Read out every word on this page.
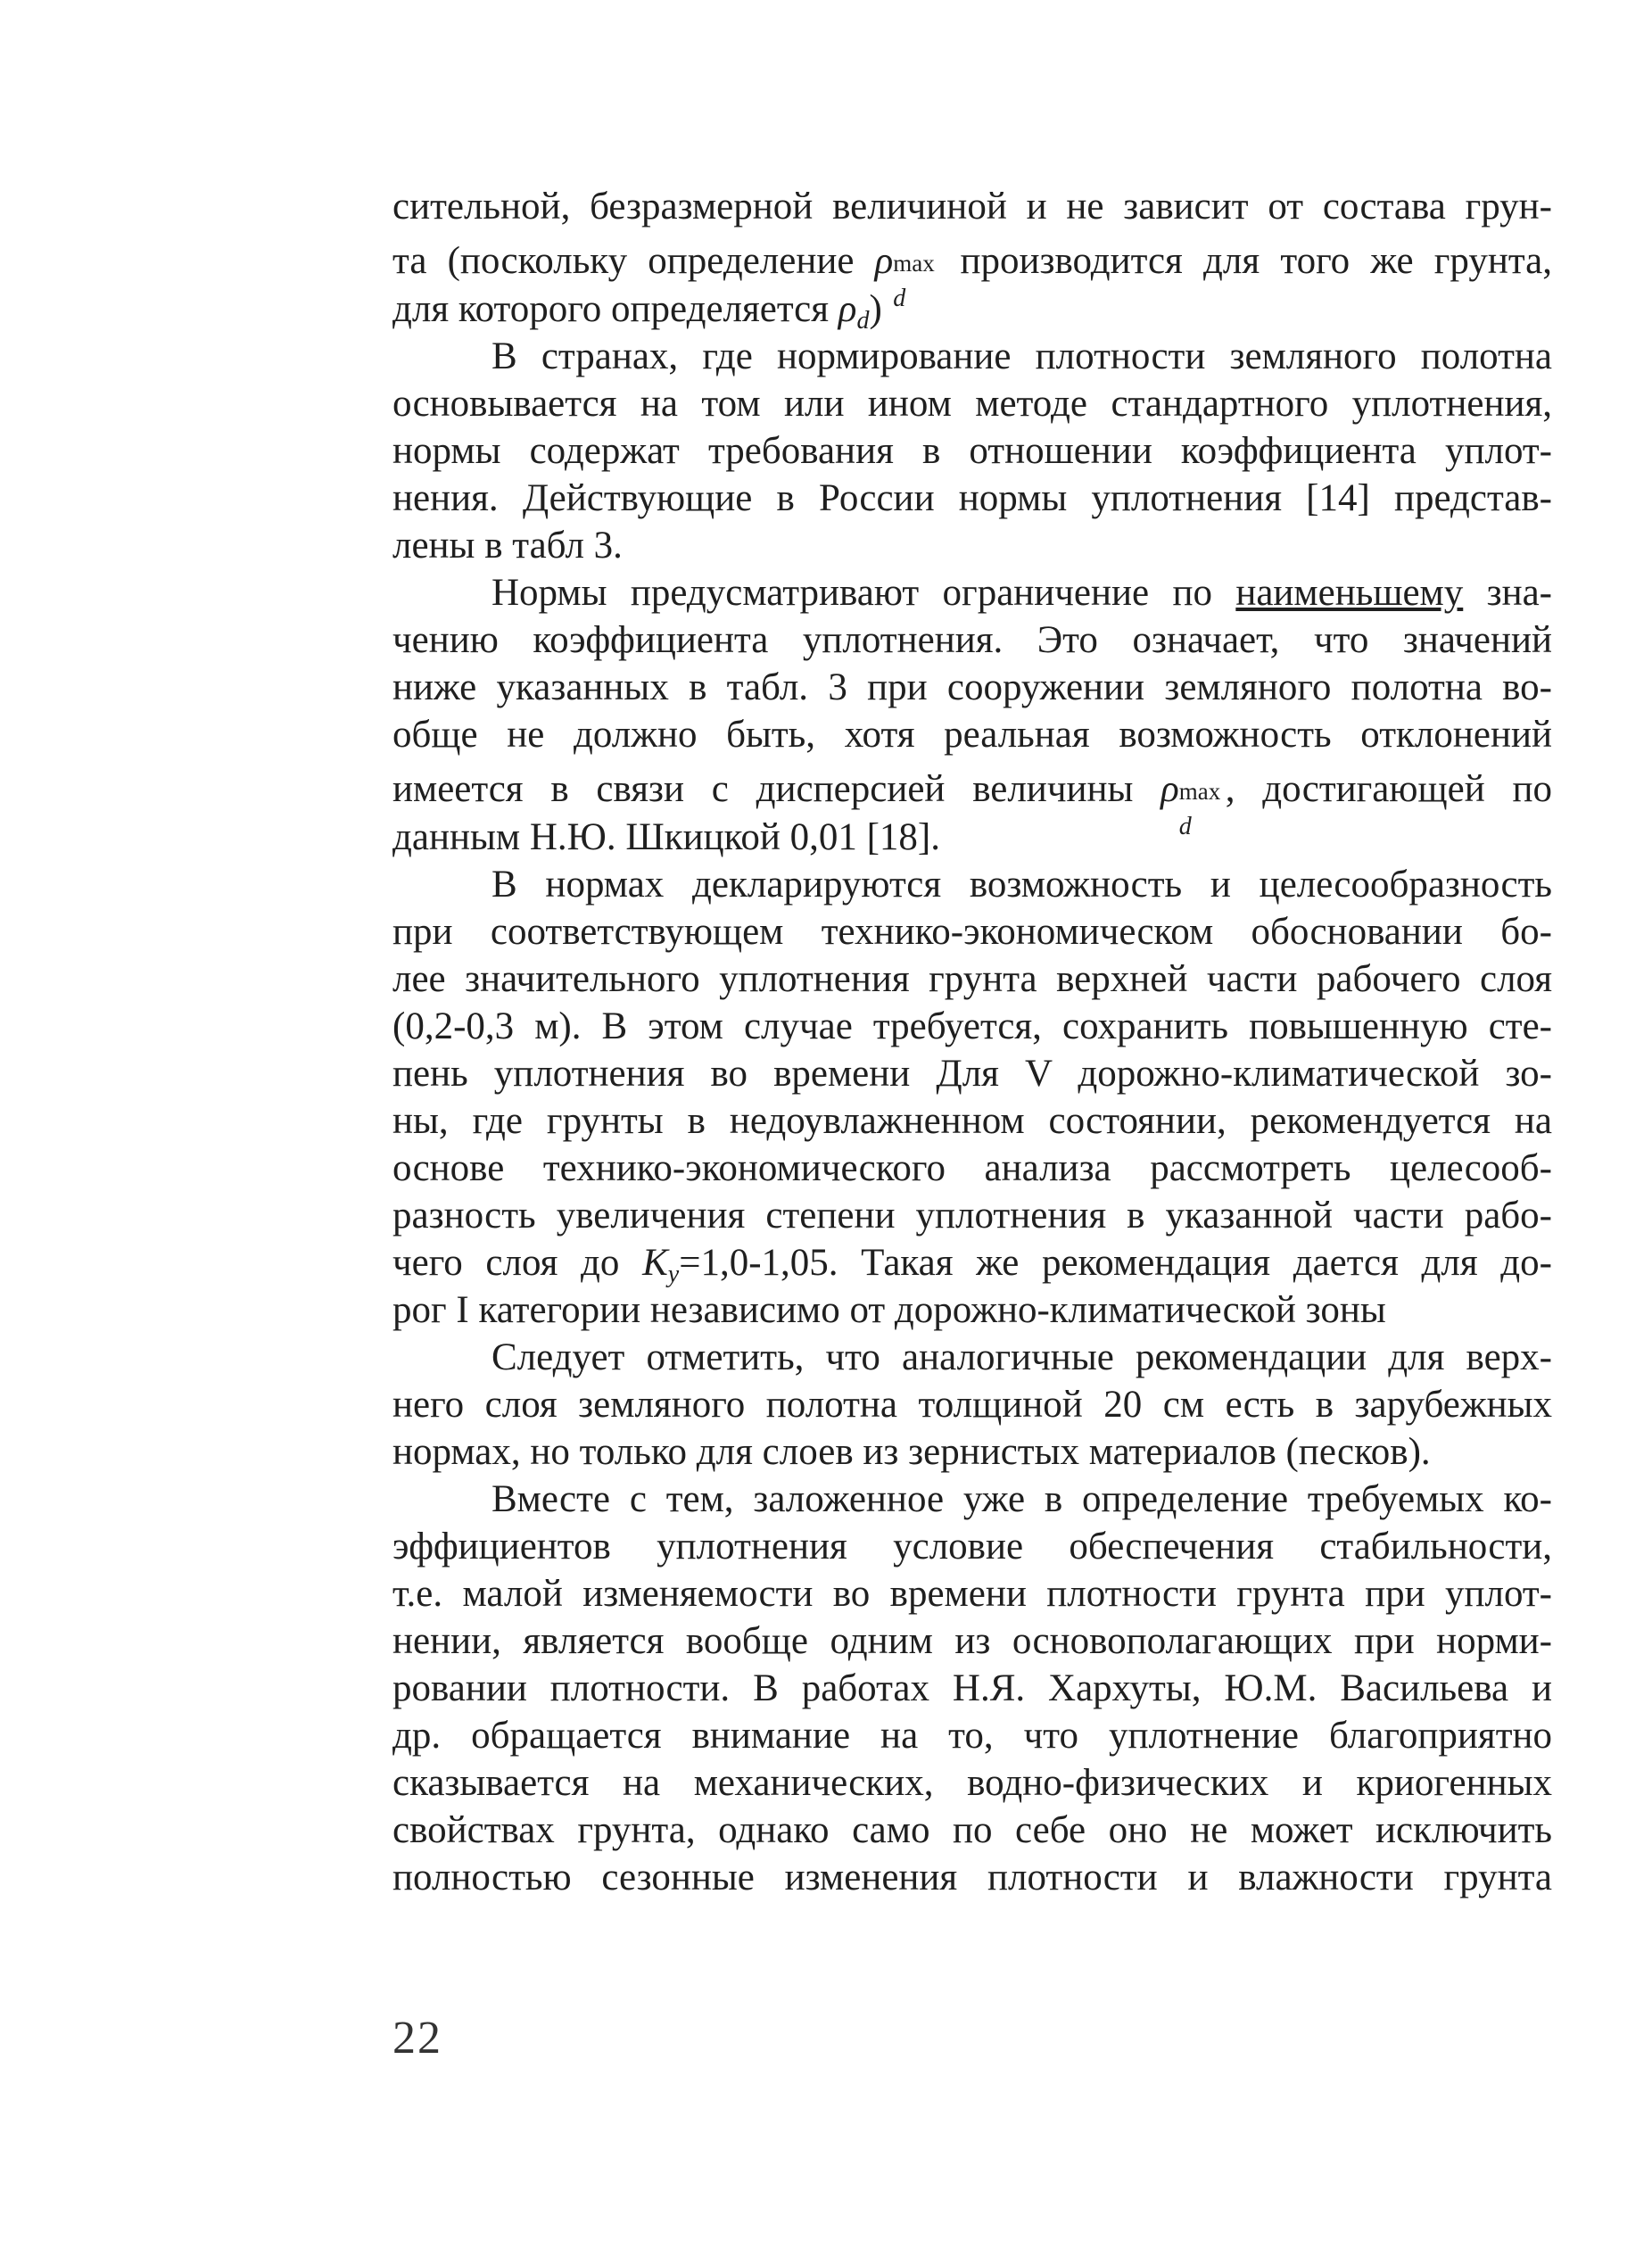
сительной, безразмерной величиной и не зависит от состава грун-
та (поскольку определение ρ max
d
производится для того же грунта,
для которого определяется $\rho_d$)
В странах, где нормирование плотности земляного полотна
основывается на том или ином методе стандартного уплотнения,
нормы содержат требования в отношении коэффициента уплот-
нения. Действующие в России нормы уплотнения [14] представ-
лены в табл 3.
Нормы предусматривают ограничение по наименьшему зна-
чению коэффициента уплотнения. Это означает, что значений
ниже указанных в табл. 3 при сооружении земляного полотна во-
обще не должно быть, хотя реальная возможность отклонений
имеется в связи с дисперсией величины ρ max
d
, достигающей по
данным Н.Ю. Шкицкой 0,01 [18].
В нормах декларируются возможность и целесообразность
при соответствующем технико-экономическом обосновании бо-
лее значительного уплотнения грунта верхней части рабочего слоя
(0,2-0,3 м). В этом случае требуется, сохранить повышенную сте-
пень уплотнения во времени Для V дорожно-климатической зо-
ны, где грунты в недоувлажненном состоянии, рекомендуется на
основе технико-экономического анализа рассмотреть целесооб-
разность увеличения степени уплотнения в указанной части рабо-
чего слоя до $K_y=1,0-1,05$. Такая же рекомендация дается для до-
рог I категории независимо от дорожно-климатической зоны
Следует отметить, что аналогичные рекомендации для верх-
него слоя земляного полотна толщиной 20 см есть в зарубежных
нормах, но только для слоев из зернистых материалов (песков).
Вместе с тем, заложенное уже в определение требуемых ко-
эффициентов уплотнения условие обеспечения стабильности,
т.е. малой изменяемости во времени плотности грунта при уплот-
нении, является вообще одним из основополагающих при норми-
ровании плотности. В работах Н.Я. Хархуты, Ю.М. Васильева и
др. обращается внимание на то, что уплотнение благоприятно
сказывается на механических, водно-физических и криогенных
свойствах грунта, однако само по себе оно не может исключить
полностью сезонные изменения плотности и влажности грунта
22
